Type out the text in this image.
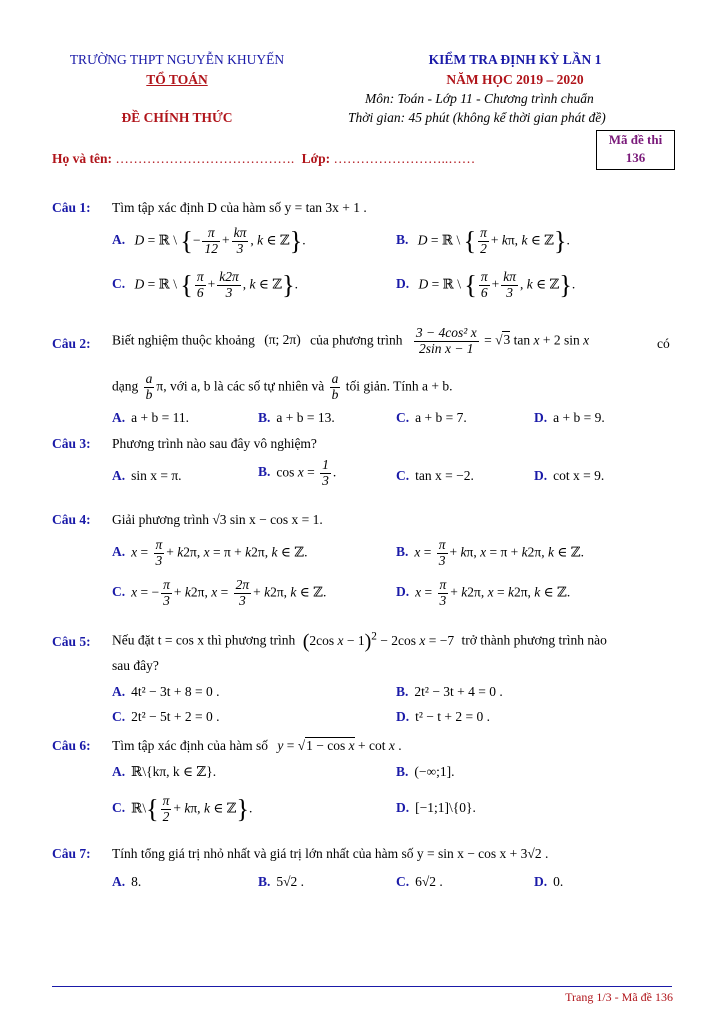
TRƯỜNG THPT NGUYỄN KHUYẾN
TỔ TOÁN
ĐỀ CHÍNH THỨC
KIỂM TRA ĐỊNH KỲ LẦN 1
NĂM HỌC 2019 – 2020
Môn: Toán - Lớp 11 - Chương trình chuẩn
Thời gian: 45 phút (không kể thời gian phát đề)
Mã đề thi
136
Họ và tên: …………………………………. Lớp: ……………………..……
Câu 1: Tìm tập xác định D của hàm số y = tan 3x + 1 .
A. D = ℝ \ {− $\frac{\pi}{12} + \frac{k\pi}{3}$ , k ∈ ℤ}.	B. D = ℝ \ { $\frac{\pi}{2} + k\pi$, k ∈ ℤ}.
C. D = ℝ \ { $\frac{\pi}{6} + \frac{k2\pi}{3}$ , k ∈ ℤ}.	D. D = ℝ \ { $\frac{\pi}{6} + \frac{k\pi}{3}$ , k ∈ ℤ}.
Câu 2: Biết nghiệm thuộc khoảng (π; 2π) của phương trình $\frac{\text{3 − 4cos² x}}{\text{2sin x − 1}} = √3$ tan x + 2 sin x	có
dạng $\frac{a}{b} \pi$, với a, b là các số tự nhiên và $\frac{a}{b}$ tối giản. Tính a + b.
A. a + b = 11.	B. a + b = 13.	C. a + b = 7.	D. a + b = 9.
Câu 3: Phương trình nào sau đây vô nghiệm?
A. sin x = π.	B. $\cos x = \frac{1}{3}$ .	C. tan x = −2.	D. cot x = 9.
Câu 4: Giải phương trình √3 sin x − cos x = 1.
A. $x = \frac{\pi}{3} + k2\pi$, x = π + k2π, k ∈ ℤ.	B. $x = \frac{\pi}{3} + k\pi$, x = π + k2π, k ∈ ℤ.
C. x = − $\frac{\pi}{3} + k2\pi$, $x = \frac{2\pi}{3} + k2\pi$, k ∈ ℤ.	D. $x = \frac{\pi}{3} + k2\pi$, x = k2π, k ∈ ℤ.
Câu 5: Nếu đặt t = cos x thì phương trình (2cos x − 1)$^2$ − 2cos x = −7 trở thành phương trình nào
sau đây?
A. 4t² − 3t + 8 = 0 .	B. 2t² − 3t + 4 = 0 .
C. 2t² − 5t + 2 = 0 .	D. t² − t + 2 = 0 .
Câu 6: Tìm tập xác định của hàm số y = √1 − cos x + cot x .
A. ℝ\{kπ, k ∈ ℤ}.	B. (−∞;1].
C. ℝ\{ $\frac{\pi}{2} + k\pi$, k ∈ ℤ}.	D. [−1;1]\{0}.
Câu 7: Tính tổng giá trị nhỏ nhất và giá trị lớn nhất của hàm số y = sin x − cos x + 3√2 .
A. 8.	B. 5√2 .	C. 6√2 .	D. 0.
Trang 1/3 - Mã đề 136
